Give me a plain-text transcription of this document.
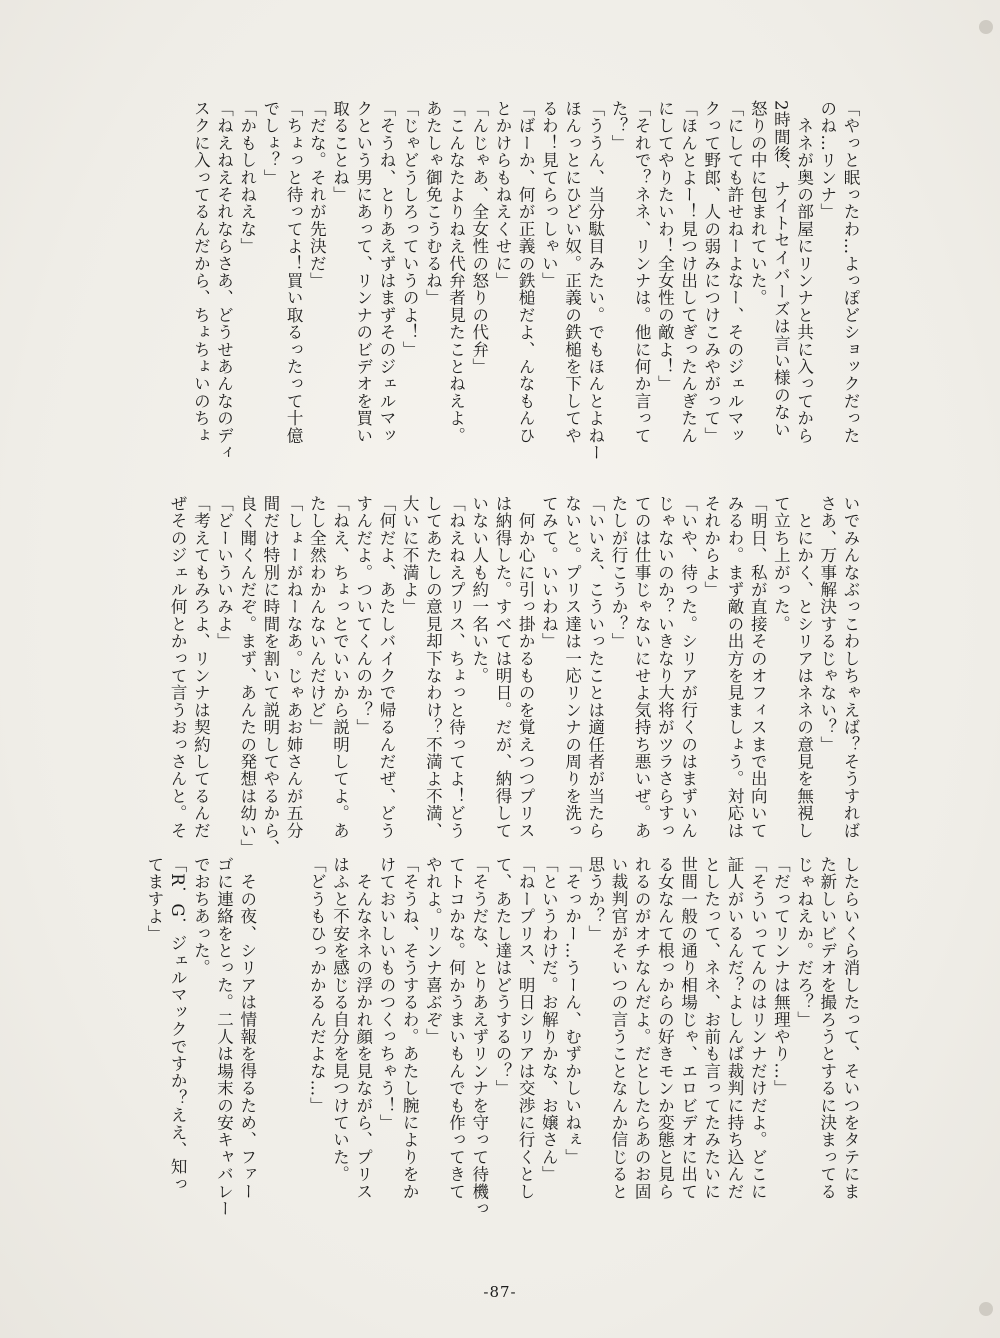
「やっと眠ったわ…よっぽどショックだった
のね…リンナ」
　ネネが奥の部屋にリンナと共に入ってから
2時間後、ナイトセイバーズは言い様のない
怒りの中に包まれていた。
「にしても許せねーよなー、そのジェルマッ
クって野郎、人の弱みにつけこみやがって」
「ほんとよー！見つけ出してぎったんぎたん
にしてやりたいわ！全女性の敵よ！」
「それで？ネネ、リンナは。他に何か言って
た？」
「ううん、当分駄目みたい。でもほんとよねー
ほんっとにひどい奴。正義の鉄槌を下してや
るわ！見てらっしゃい」
「ばーか、何が正義の鉄槌だよ、んなもんひ
とかけらもねえくせに」
「んじゃあ、全女性の怒りの代弁」
「こんなたよりねえ代弁者見たことねえよ。
あたしゃ御免こうむるね」
「じゃどうしろっていうのよ！」
「そうね、とりあえずはまずそのジェルマッ
クという男にあって、リンナのビデオを買い
取ることね」
「だな。それが先決だ」
「ちょっと待ってよ！買い取るったって十億
でしょ？」
「かもしれねえな」
「ねえねえそれならさあ、どうせあんなのディ
スクに入ってるんだから、ちょちょいのちょ
いでみんなぶっこわしちゃえば？そうすれば
さあ、万事解決するじゃない？」
　とにかく、とシリアはネネの意見を無視し
て立ち上がった。
「明日、私が直接そのオフィスまで出向いて
みるわ。まず敵の出方を見ましょう。対応は
それからよ」
「いや、待った。シリアが行くのはまずいん
じゃないのか？いきなり大将がツラさらすっ
てのは仕事じゃないにせよ気持ち悪いぜ。あ
たしが行こうか？」
「いいえ、こういったことは適任者が当たら
ないと。プリス達は一応リンナの周りを洗っ
てみて。いいわね」
　何か心に引っ掛かるものを覚えつつプリス
は納得した。すべては明日。だが、納得して
いない人も約一名いた。
「ねえねえプリス、ちょっと待ってよ！どう
してあたしの意見却下なわけ？不満よ不満、
大いに不満よ」
「何だよ、あたしバイクで帰るんだぜ、どう
すんだよ。ついてくんのか？」
「ねえ、ちょっとでいいから説明してよ。あ
たし全然わかんないんだけど」
「しょーがねーなあ。じゃあお姉さんが五分
間だけ特別に時間を割いて説明してやるから、
良く聞くんだぞ。まず、あんたの発想は幼い」
「どーいういみよ」
「考えてもみろよ、リンナは契約してるんだ
ぜそのジェル何とかって言うおっさんと。そ
したらいくら消したって、そいつをタテにま
た新しいビデオを撮ろうとするに決まってる
じゃねえか。だろ？」
「だってリンナは無理やり…」
「そういってんのはリンナだけだよ。どこに
証人がいるんだ？よしんば裁判に持ち込んだ
としたって、ネネ、お前も言ってたみたいに
世間一般の通り相場じゃ、エロビデオに出て
る女なんて根っからの好きモンか変態と見ら
れるのがオチなんだよ。だとしたらあのお固
い裁判官がそいつの言うことなんか信じると
思うか？」
「そっかー…うーん、むずかしいねぇ」
「というわけだ。お解りかな、お嬢さん」
「ねープリス、明日シリアは交渉に行くとし
て、あたし達はどうするの？」
「そうだな、とりあえずリンナを守って待機っ
てトコかな。何かうまいもんでも作ってきて
やれよ。リンナ喜ぶぞ」
「そうね、そうするわ。あたし腕によりをか
けておいしいものつくっちゃう！」
　そんなネネの浮かれ顔を見ながら、プリス
はふと不安を感じる自分を見つけていた。
「どうもひっかかるんだよな…」

　その夜、シリアは情報を得るため、ファー
ゴに連絡をとった。二人は場末の安キャバレー
でおちあった。
「R．G．ジェルマックですか？ええ、知っ
てますよ」
-87-
